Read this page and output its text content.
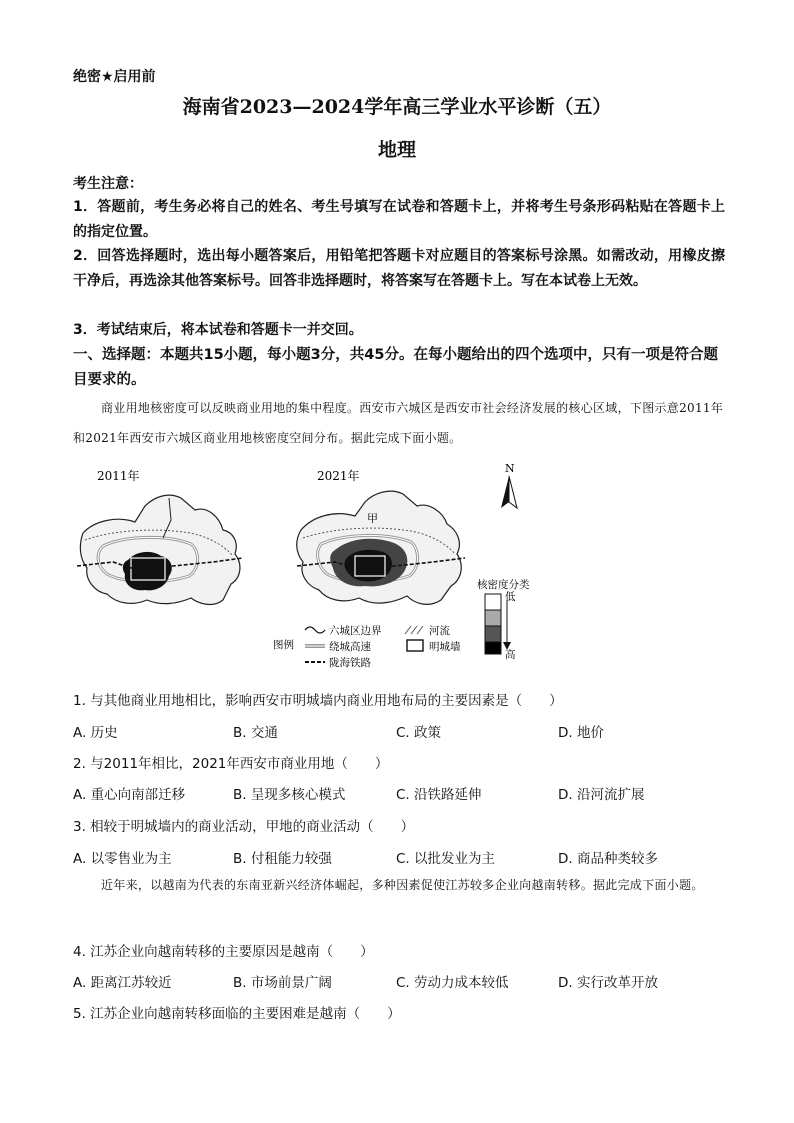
绝密★启用前
海南省2023—2024学年高三学业水平诊断（五）
地理
考生注意：
1．答题前，考生务必将自己的姓名、考生号填写在试卷和答题卡上，并将考生号条形码粘贴在答题卡上的指定位置。
2．回答选择题时，选出每小题答案后，用铅笔把答题卡对应题目的答案标号涂黑。如需改动，用橡皮擦干净后，再选涂其他答案标号。回答非选择题时，将答案写在答题卡上。写在本试卷上无效。
3．考试结束后，将本试卷和答题卡一并交回。
一、选择题：本题共15小题，每小题3分，共45分。在每小题给出的四个选项中，只有一项是符合题目要求的。
商业用地核密度可以反映商业用地的集中程度。西安市六城区是西安市社会经济发展的核心区域，下图示意2011年和2021年西安市六城区商业用地核密度空间分布。据此完成下面小题。
2011年	2021年
甲
N
核密度分类
低
高
图例
六城区边界	河流
绕城高速	明城墙
陇海铁路
1. 与其他商业用地相比，影响西安市明城墙内商业用地布局的主要因素是（　　）
A. 历史	B. 交通	C. 政策	D. 地价
2. 与2011年相比，2021年西安市商业用地（　　）
A. 重心向南部迁移	B. 呈现多核心模式	C. 沿铁路延伸	D. 沿河流扩展
3. 相较于明城墙内的商业活动，甲地的商业活动（　　）
A. 以零售业为主	B. 付租能力较强	C. 以批发业为主	D. 商品种类较多
近年来，以越南为代表的东南亚新兴经济体崛起，多种因素促使江苏较多企业向越南转移。据此完成下面小题。
4. 江苏企业向越南转移的主要原因是越南（　　）
A. 距离江苏较近	B. 市场前景广阔	C. 劳动力成本较低	D. 实行改革开放
5. 江苏企业向越南转移面临的主要困难是越南（　　）
